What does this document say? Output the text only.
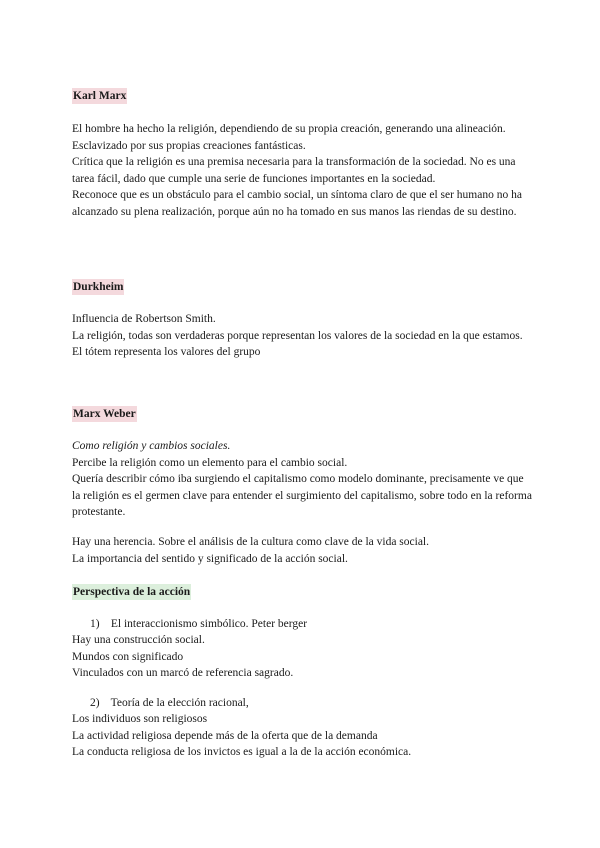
Karl Marx

El hombre ha hecho la religión, dependiendo de su propia creación, generando una alineación.

Esclavizado por sus propias creaciones fantásticas.

Crítica que la religión es una premisa necesaria para la transformación de la sociedad. No es una tarea fácil, dado que cumple una serie de funciones importantes en la sociedad.

Reconoce que es un obstáculo para el cambio social, un síntoma claro de que el ser humano no ha alcanzado su plena realización, porque aún no ha tomado en sus manos las riendas de su destino.

Durkheim

Influencia de Robertson Smith.

La religión, todas son verdaderas porque representan los valores de la sociedad en la que estamos.

El tótem representa los valores del grupo

Marx Weber

Como religión y cambios sociales.

Percibe la religión como un elemento para el cambio social.

Quería describir cómo iba surgiendo el capitalismo como modelo dominante, precisamente ve que la religión es el germen clave para entender el surgimiento del capitalismo, sobre todo en la reforma protestante.

Hay una herencia. Sobre el análisis de la cultura como clave de la vida social.

La importancia del sentido y significado de la acción social.

Perspectiva de la acción
1) El interaccionismo simbólico. Peter berger

Hay una construcción social.

Mundos con significado

Vinculados con un marcó de referencia sagrado.

2) Teoría de la elección racional,

Los individuos son religiosos

La actividad religiosa depende más de la oferta que de la demanda

La conducta religiosa de los invictos es igual a la de la acción económica.
